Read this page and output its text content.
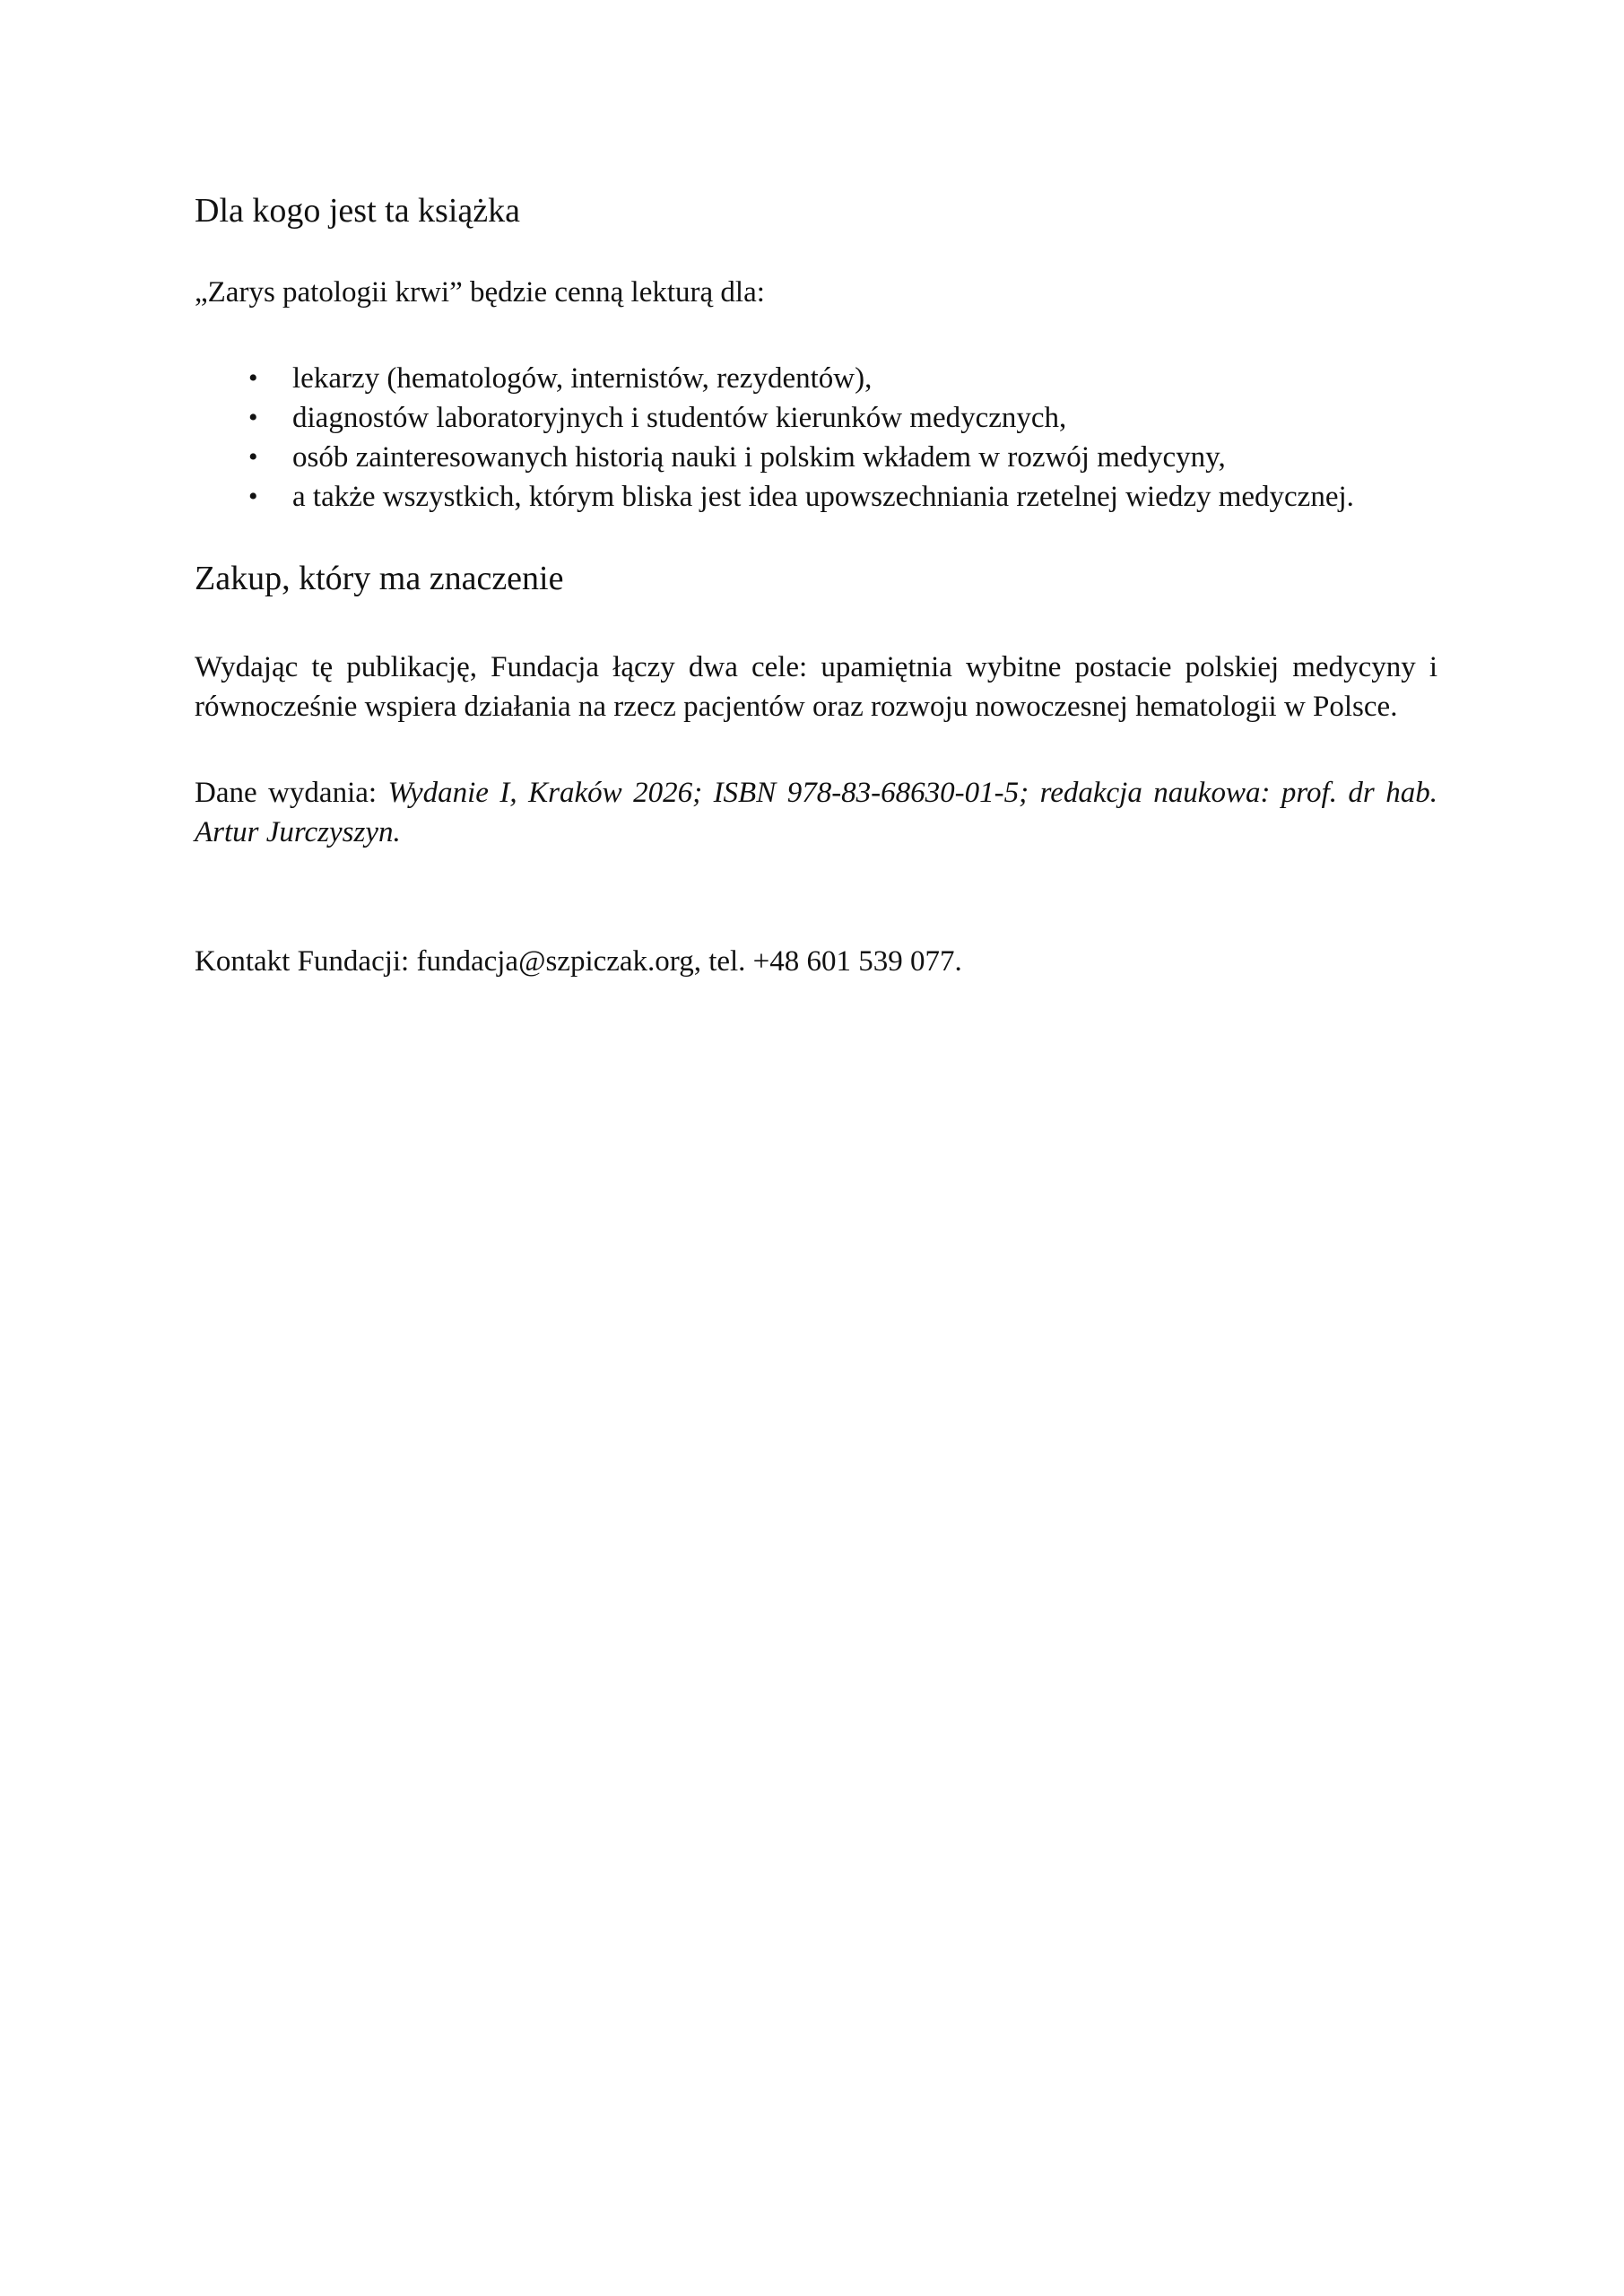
Dla kogo jest ta książka

„Zarys patologii krwi” będzie cenną lekturą dla:

• lekarzy (hematologów, internistów, rezydentów),
• diagnostów laboratoryjnych i studentów kierunków medycznych,
• osób zainteresowanych historią nauki i polskim wkładem w rozwój medycyny,
• a także wszystkich, którym bliska jest idea upowszechniania rzetelnej wiedzy medycznej.
Zakup, który ma znaczenie

Wydając tę publikację, Fundacja łączy dwa cele: upamiętnia wybitne postacie polskiej medycyny i równocześnie wspiera działania na rzecz pacjentów oraz rozwoju nowoczesnej hematologii w Polsce.

Dane wydania: Wydanie I, Kraków 2026; ISBN 978-83-68630-01-5; redakcja naukowa: prof. dr hab. Artur Jurczyszyn.

Kontakt Fundacji: fundacja@szpiczak.org, tel. +48 601 539 077.
